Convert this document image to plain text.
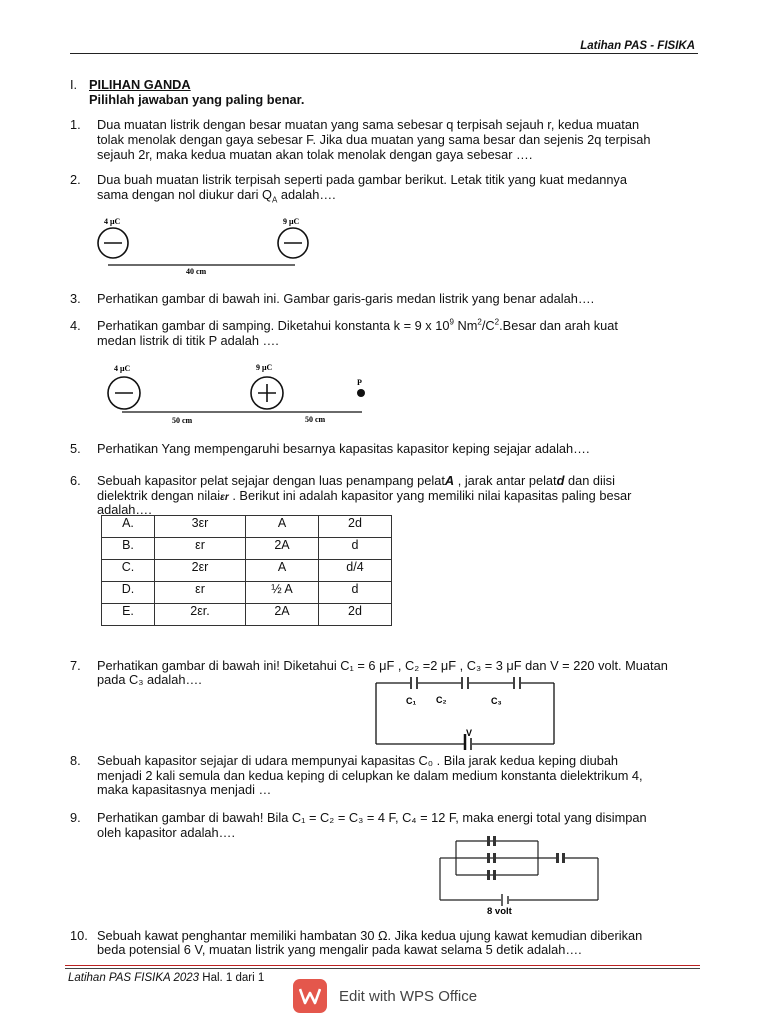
Latihan PAS - FISIKA
I. PILIHAN GANDA
Pilihlah jawaban yang paling benar.
1. Dua muatan listrik dengan besar muatan yang sama sebesar q terpisah sejauh r, kedua muatan
tolak menolak dengan gaya sebesar F. Jika dua muatan yang sama besar dan sejenis 2q terpisah
sejauh 2r, maka kedua muatan akan tolak menolak dengan gaya sebesar ….
2. Dua buah muatan listrik terpisah seperti pada gambar berikut. Letak titik yang kuat medannya
sama dengan nol diukur dari $Q_A$ adalah….
4 μC	9 μC
40 cm
3. Perhatikan gambar di bawah ini. Gambar garis-garis medan listrik yang benar adalah….
4. Perhatikan gambar di samping. Diketahui konstanta k = 9 x $10^9$ $Nm^2/C^2.Besar$ dan arah kuat
medan listrik di titik P adalah ….
4 μC	9 μC
P
50 cm	50 cm
5. Perhatikan Yang mempengaruhi besarnya kapasitas kapasitor keping sejajar adalah….
6. Sebuah kapasitor pelat sejajar dengan luas penampang pelatA , jarak antar pelatd dan diisi
dielektrik dengan nilaiεr . Berikut ini adalah kapasitor yang memiliki nilai kapasitas paling besar
adalah….
A.	3εr	A	2d
B.	εr	2A	d
C.	2εr	A	d/4
D.	εr	½ A	d
E.	2εr.	2A	2d
7. Perhatikan gambar di bawah ini! Diketahui C₁ = 6 μF , C₂ =2 μF , C₃ = 3 μF dan V = 220 volt. Muatan
pada C₃ adalah….
C₁ C₂	C₃
V
8. Sebuah kapasitor sejajar di udara mempunyai kapasitas C₀ . Bila jarak kedua keping diubah
menjadi 2 kali semula dan kedua keping di celupkan ke dalam medium konstanta dielektrikum 4,
maka kapasitasnya menjadi …
9. Perhatikan gambar di bawah! Bila C₁ = C₂ = C₃ = 4 F, C₄ = 12 F, maka energi total yang disimpan
oleh kapasitor adalah….
8 volt
10. Sebuah kawat penghantar memiliki hambatan 30 Ω. Jika kedua ujung kawat kemudian diberikan
beda potensial 6 V, muatan listrik yang mengalir pada kawat selama 5 detik adalah….
Latihan PAS FISIKA 2023 Hal. 1 dari 1
Edit with WPS Office
